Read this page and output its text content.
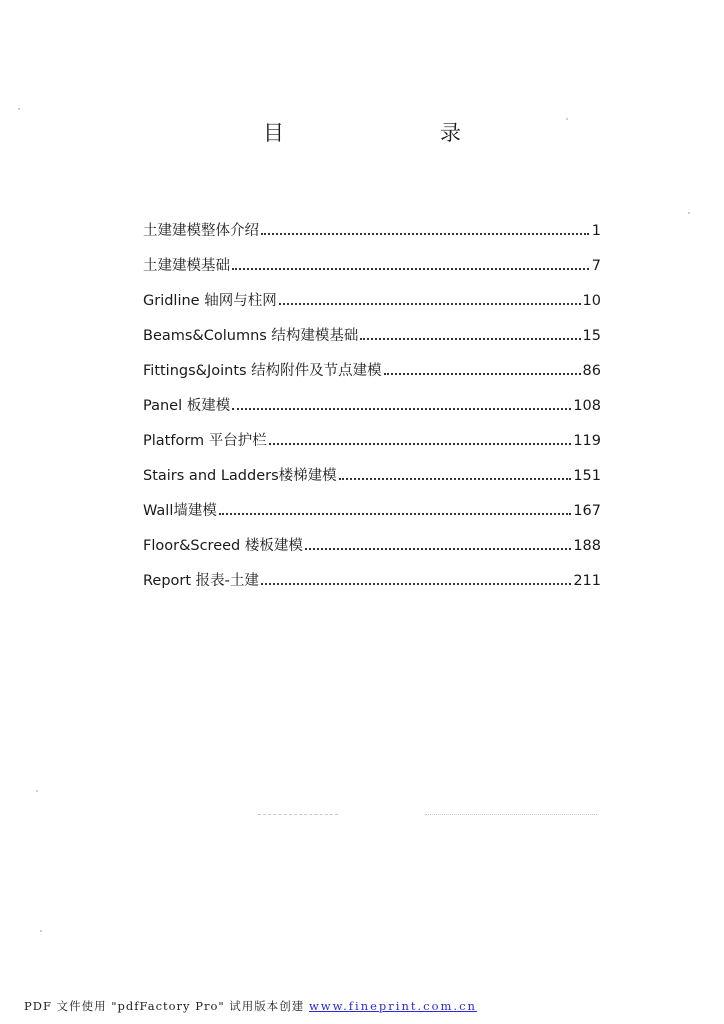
目　　录
土建建模整体介绍	1
土建建模基础	7
Gridline 轴网与柱网	10
Beams&Columns 结构建模基础	15
Fittings&Joints 结构附件及节点建模	86
Panel 板建模	108
Platform 平台护栏	119
Stairs and Ladders楼梯建模	151
Wall墙建模	167
Floor&Screed 楼板建模	188
Report 报表-土建	211
PDF 文件使用 "pdfFactory Pro" 试用版本创建 www.fineprint.com.cn
